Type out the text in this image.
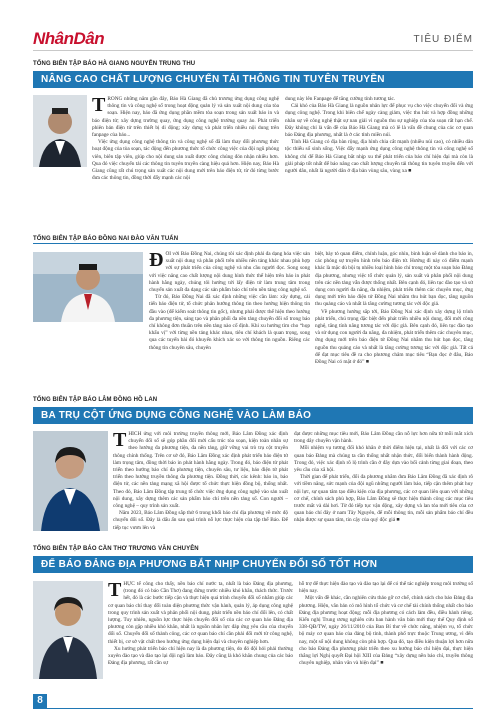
NhânDân	TIÊU ĐIỂM
TỔNG BIÊN TẬP BÁO HÀ GIANG NGUYỄN TRUNG THU
NÂNG CAO CHẤT LƯỢNG CHUYỂN TẢI THÔNG TIN TUYÊN TRUYỀN

TRONG những năm gần đây, Báo Hà Giang đã chủ trương ứng dụng công nghệ thông tin và công nghệ số trong hoạt động quản lý và sản xuất nội dung của tòa soạn. Hiện nay, báo đã ứng dụng phần mềm tòa soạn trong sản xuất báo in và báo điện tử; xây dựng trường quay, ứng dụng công nghệ trường quay ảo. Phát triển phiên bản điện tử trên thiết bị di động; xây dựng và phát triển nhiều nội dung trên fanpage của báo...

Việc ứng dụng công nghệ thông tin và công nghệ số đã làm thay đổi phương thức hoạt động của tòa soạn, tác động đến phương thức tổ chức công việc của đội ngũ phóng viên, biên tập viên, giúp cho nội dung sản xuất được công chúng đón nhận nhiều hơn. Qua đó việc chuyển tải các thông tin tuyên truyền càng hiệu quả hơn. Hiện nay, Báo Hà Giang cũng rất chú trọng sản xuất các nội dung mới trên báo điện tử, từ đó từng bước đưa các thông tin, đồng thời đẩy mạnh các nội

dung này lên Fanpage để tăng cường tính tương tác.

Cái khó của Báo Hà Giang là nguồn nhân lực để phục vụ cho việc chuyển đổi và ứng dụng công nghệ. Trong khi biên chế ngày càng giảm, việc thu hút và hợp đồng những nhân sự về công nghệ thật sự nan giải vì nguồn thu sự nghiệp của tòa soạn rất hạn chế. Đây không chỉ là vấn đề của Báo Hà Giang mà có lẽ là vấn đề chung của các cơ quan báo Đảng địa phương, nhất là ở các tỉnh miền núi.

Tỉnh Hà Giang có địa bàn rộng, địa hình chia cắt mạnh (nhiều núi cao), có nhiều dân tộc thiểu số sinh sống. Việc đẩy mạnh ứng dụng công nghệ thông tin và công nghệ số không chỉ để Báo Hà Giang bắt nhịp xu thế phát triển của báo chí hiện đại mà còn là giải pháp tốt nhất để báo nâng cao chất lượng chuyển tải thông tin tuyên truyền đến với người dân, nhất là người dân ở địa bàn vùng sâu, vùng xa ■

TỔNG BIÊN TẬP BÁO ĐỒNG NAI ĐÀO VĂN TUẤN

ĐỐI với Báo Đồng Nai, chúng tôi xác định phải đa dạng hóa việc sản xuất nội dung và phân phối trên nhiều nền tảng khác nhau phù hợp với sự phát triển của công nghệ và nhu cầu người đọc. Song song với việc nâng cao chất lượng nội dung hình thức thể hiện trên báo in phát hành hằng ngày, chúng tôi hướng tới lấy điện tử làm trung tâm trong chuyển sản xuất đa dạng các sản phẩm báo chí trên nền tảng công nghệ số.

Từ đó, Báo Đồng Nai đã xác định những việc cần làm: xây dựng, cải tiến báo điện tử, tổ chức phân hướng thông tin theo hướng hiện thông tin đầu vào (để kiểm soát thông tin gốc), nhưng phải được thể hiện theo hướng đa phương tiện, sáng tạo và phân phối đa nền tảng chuyển đổi số trong báo chí không đơn thuần trên nền tảng nào cố định. Khi xu hướng tìm cho “họp khẩu vị” với từng nền tảng khác nhau, tiêu chí khách là quan trọng, song qua các tuyến bài đó khuyến khích xác so với thông tin nguồn. Riêng các thông tin chuyên sâu, chuyên

biệt, bày tỏ quan điểm, chính luận, góc nhìn, bình luận sẽ dành cho báo in, các phóng sự truyền hình trên báo điện tử. Hướng đi này có điểm mạnh khác là mặc dù bội tụ nhiều loại hình báo chí trong một tòa soạn báo Đảng địa phương, nhưng việc tổ chức quản lý, sản xuất và phân phối nội dung trên các nền tảng vẫn được thống nhất. Bên cạnh đó, liên tục đào tạo và sử dụng con người đa năng, đa nhiệm, phát triển thêm các chuyên mục, ứng dụng mới trên báo điện tử Đồng Nai nhằm thu hút bạn đọc, tăng nguồn thu quảng cáo và nhất là tăng cường tương tác với độc giả.

Về phương hướng sắp tới, Báo Đồng Nai xác định xây dựng lộ trình phát triển, chú trọng đặc biệt đến phát triển nhiều nội dung, đổi mới công nghệ, tăng tính năng tương tác với độc giả. Bên cạnh đó, liên tục đào tạo và sử dụng con người đa năng, đa nhiệm, phát triển thêm các chuyên mục, ứng dụng mới trên báo điện tử Đồng Nai nhằm thu hút bạn đọc, tăng nguồn thu quảng cáo và nhất là tăng cường tương tác với độc giả. Tất cả để đạt mục tiêu đề ra cho phương châm mục tiêu “Bạn đọc ở đâu, Báo Đồng Nai có mặt ở đó” ■

TỔNG BIÊN TẬP BÁO LÂM ĐỒNG HỒ LAN
BA TRỤ CỘT ỨNG DỤNG CÔNG NGHỆ VÀO LÀM BÁO

THÍCH ứng với môi trường truyền thông mới, Báo Lâm Đồng xác định chuyển đổi số sẽ góp phần đổi mới cấu trúc tòa soạn, kiện toàn nhân sự theo hướng đa phương tiện, đa nền tảng, giữ vững vai trò trụ cột truyền thông chính thống. Trên cơ sở đó, Báo Lâm Đồng xác định phát triển báo điện tử làm trọng tâm, đồng thời báo in phát hành hằng ngày. Trong đó, báo điện tử phát triển theo hướng báo chí đa phương tiện, chuyên sâu, tư liệu, báo điện tử phát triển theo hướng truyền thông đa phương tiện. Đồng thời, các kênh: báo in, báo điện tử, các nền tảng mạng xã hội được tổ chức thực hiện đồng bộ, thống nhất. Theo đó, Báo Lâm Đồng tập trung tổ chức việc ứng dụng công nghệ vào sản xuất nội dung, xây dựng thêm các sản phẩm báo chí trên nền tảng số. Con người – công nghệ – quy trình sản xuất.

Năm 2023, Báo Lâm Đồng sắp thử 6 trong khối báo chí địa phương về mức độ chuyển đổi số. Đây là dấu ấn sau quá trình nỗ lực thực hiện của tập thể Báo. Để tiếp tục vươn lên và

đạt được những mục tiêu mới, Báo Lâm Đồng cần nỗ lực hơn nữa từ mỗi mắt xích trong dây chuyền vận hành.

Mỗi nhiệm vụ tương đối khó khăn ở thời điểm hiện tại, nhất là đối với các cơ quan báo Đảng mà chúng ta cần thống nhất nhận thức, đổi biến thành hành động. Trong đó, việc xác định rõ lộ trình cần ở đây dựa vào bối cảnh từng giai đoạn, theo yêu cầu của xã hội.

Thời gian để phát triển, đổi đa phương nhằm đưa Báo Lâm Đồng đã xác định rõ với tiềm năng, sức mạnh của đội ngũ những người làm báo, tiếp cận thêm phát huy nội lực, sự quan tâm tạo điều kiện của địa phương, các cơ quan liên quan với những cơ chế, chính sách phù hợp, Báo Lâm Đồng sẽ thực hiện thành công các mục tiêu trước mắt và dài hơi. Từ đó tiếp tục vận động, xây dựng và lan tỏa mới tiêu của cơ quan báo chí đây ở nam Tây Nguyên, để mỗi thông tin, mỗi sản phẩm báo chí đều nhận được sự quan tâm, tin cậy của quý độc giả ■

TỔNG BIÊN TẬP BÁO CẦN THƠ TRƯƠNG VĂN CHUYÊN
ĐỂ BÁO ĐẢNG ĐỊA PHƯƠNG BẮT NHỊP CHUYỂN ĐỔI SỐ TỐT HƠN

THỰC tế công cho thấy, nền báo chí nước ta, nhất là báo Đảng địa phương, (trong đó có báo Cần Thơ) đang đứng trước nhiều khó khăn, thách thức. Trước hết, đó là các bước tiếp cận và thực hiện quá trình chuyển đổi số nhằm giúp các cơ quan báo chí thay đổi toàn diện phương thức vận hành, quản lý, áp dụng công nghệ trong quy trình sản xuất và phân phối nội dung, phát triển nền báo chí đổi lên, có chất lượng. Tuy nhiên, nguồn lực thực hiện chuyển đổi số của các cơ quan báo Đảng địa phương còn gặp nhiều khó khăn, nhất là nguồn nhân lực đáp ứng yêu cầu của chuyển đổi số. Chuyển đổi số thành công, các cơ quan báo chí cần phải đổi mới từ công nghệ, thiết bị, cơ sở vật chất theo hướng ứng dụng hiện đại và chuyên nghiệp hơn.

Xu hướng phát triển báo chí hiện nay là đa phương tiện, do đó đội hỏi phải thường xuyên đào tạo và đào tạo lại đội ngũ làm báo. Đây cũng là khó khăn chung của các báo Đảng địa phương, rất cần sự

hỗ trợ để thực hiện đào tạo và đào tạo lại để có thể tác nghiệp trong môi trường số hiện nay.

Một vấn đề khác, cần nghiên cứu thảo gỡ cơ chế, chính sách cho báo Đảng địa phương. Hiện, văn bản có mô hình tổ chức và cơ chế tài chính thống nhất cho báo Đảng địa phương hoạt động; mỗi địa phương có cách làm đều, điều hành riêng. Kiến nghị Trung ương nghiên cứu ban hành văn bản mới thay thế Quy định số 338-QĐ/TW, ngày 26/11/2010 của Ban Bí thư về chức năng, nhiệm vụ, tổ chức bộ máy cơ quan báo của đảng bộ tỉnh, thành phố trực thuộc Trung ương, vì đến nay, một số nội dung không còn phù hợp. Qua đó, tạo điều kiện thuận lợi hơn nữa cho báo Đảng địa phương phát triển theo xu hướng báo chí hiện đại, thực hiện thắng lợi Nghị quyết Đại hội XIII của Đảng “xây dựng nền báo chí, truyền thông chuyên nghiệp, nhân văn và hiện đại” ■

8
